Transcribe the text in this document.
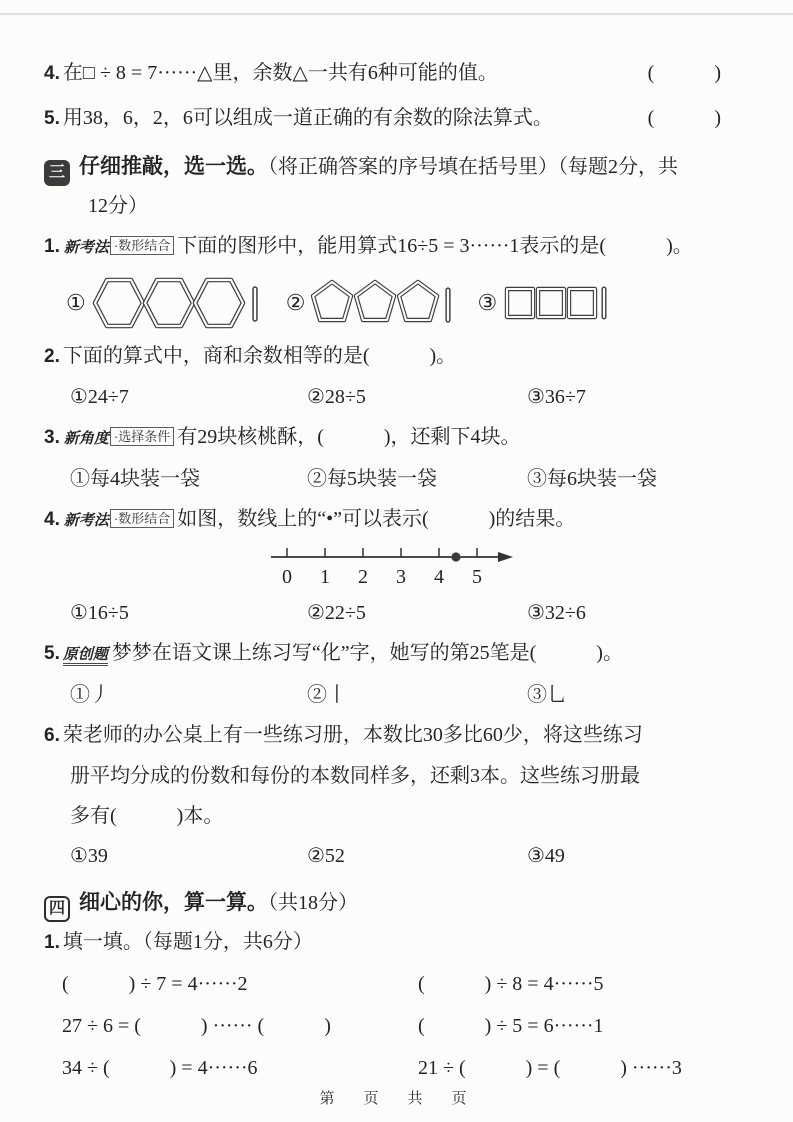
4. 在□ ÷ 8 = 7······△里，余数△一共有6种可能的值。	(　　　)
5. 用38，6，2，6可以组成一道正确的有余数的除法算式。	(　　　)
三 仔细推敲，选一选。（将正确答案的序号填在括号里）（每题2分，共
12分）
1. 新考法 ·数形结合 下面的图形中，能用算式16÷5 = 3······1表示的是(　　　)。
①	②	③
2. 下面的算式中，商和余数相等的是(　　　)。
①24÷7	②28÷5	③36÷7
3. 新角度 ·选择条件 有29块核桃酥，(　　　)，还剩下4块。
①每4块装一袋	②每5块装一袋	③每6块装一袋
4. 新考法 ·数形结合 如图，数线上的“•”可以表示(　　　)的结果。
0 1 2 3 4 5
①16÷5	②22÷5	③32÷6
5. 原创题 梦梦在语文课上练习写“化”字，她写的第25笔是(　　　)。
①丿	②丨	③乚
6. 荣老师的办公桌上有一些练习册，本数比30多比60少，将这些练习
册平均分成的份数和每份的本数同样多，还剩3本。这些练习册最
多有(　　　)本。
①39	②52	③49
四 细心的你，算一算。（共18分）
1. 填一填。（每题1分，共6分）
(　　　) ÷ 7 = 4······2	(　　　) ÷ 8 = 4······5
27 ÷ 6 = (　　　) ······ (　　　)	(　　　) ÷ 5 = 6······1
34 ÷ (　　　) = 4······6	21 ÷ (　　　) = (　　　) ······3
第　页　共　页
